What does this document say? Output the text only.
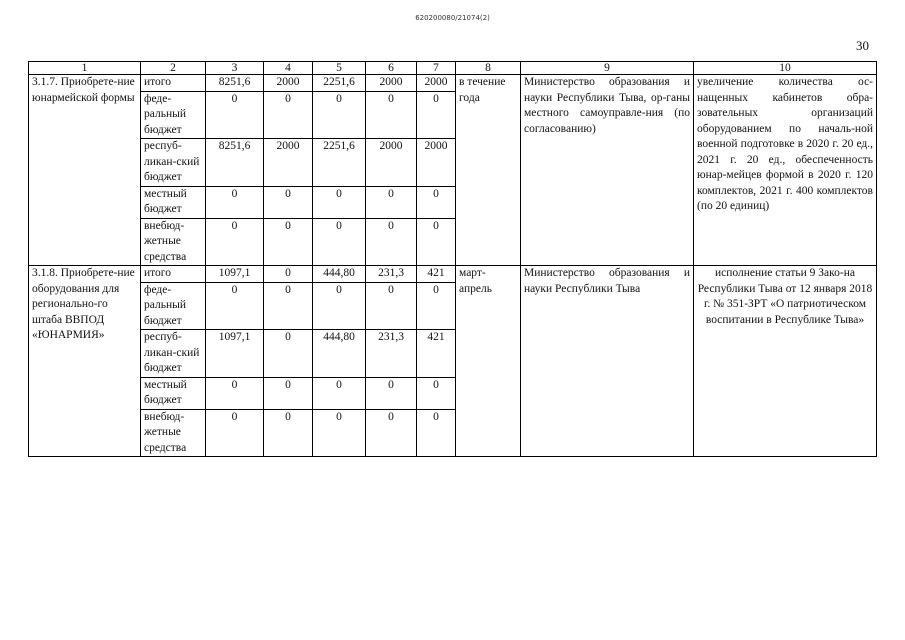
620200080/21074(2)
30
1	2	3	4	5	6	7	8	9	10
3.1.7. Приобрете-ние юнармейской формы	итого	8251,6	2000	2251,6	2000	2000	в течение года	Министерство образования и науки Республики Тыва, ор-ганы местного самоуправле-ния (по согласованию)	увеличение количества ос-нащенных кабинетов обра-зовательных организаций оборудованием по началь-ной военной подготовке в 2020 г. 20 ед., 2021 г. 20 ед., обеспеченность юнар-мейцев формой в 2020 г. 120 комплектов, 2021 г. 400 комплектов (по 20 единиц)
	феде-ральный бюджет	0	0	0	0	0			
	респуб-ликан-ский бюджет	8251,6	2000	2251,6	2000	2000			
	местный бюджет	0	0	0	0	0			
	внебюд-жетные средства	0	0	0	0	0			
3.1.8. Приобрете-ние оборудования для регионально-го штаба ВВПОД «ЮНАРМИЯ»	итого	1097,1	0	444,80	231,3	421	март-апрель	Министерство образования и науки Республики Тыва	исполнение статьи 9 Зако-на Республики Тыва от 12 января 2018 г. № 351-ЗРТ «О патриотическом воспитании в Республике Тыва»
	феде-ральный бюджет	0	0	0	0	0			
	респуб-ликан-ский бюджет	1097,1	0	444,80	231,3	421			
	местный бюджет	0	0	0	0	0			
	внебюд-жетные средства	0	0	0	0	0			
